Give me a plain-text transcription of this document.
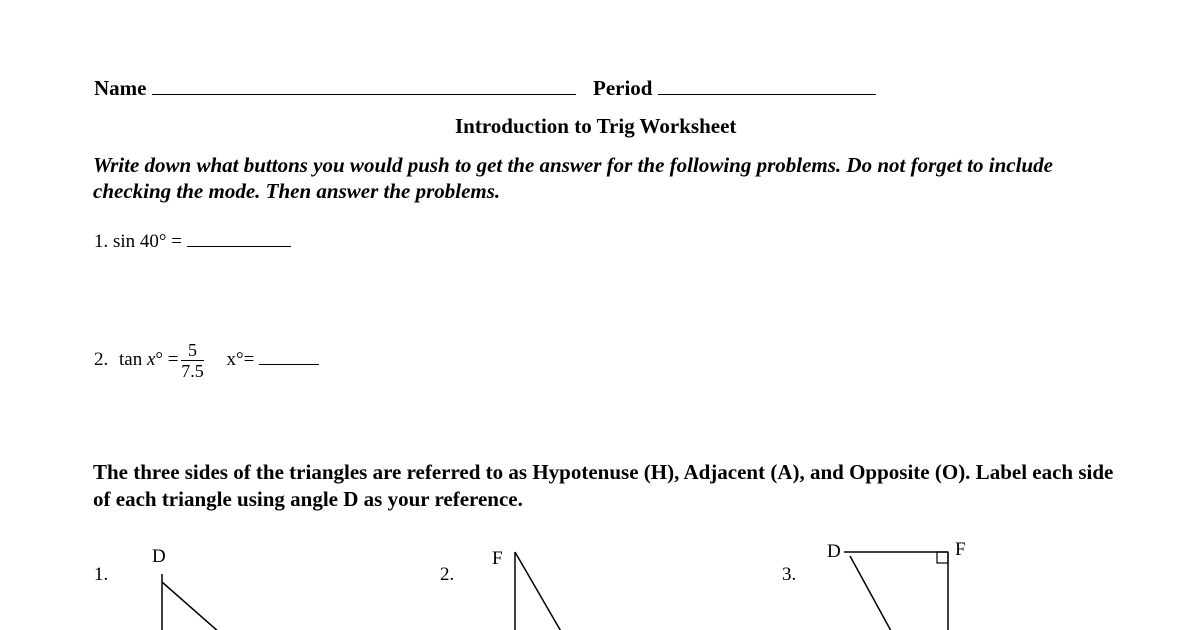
Name	Period
Introduction to Trig Worksheet
Write down what buttons you would push to get the answer for the following problems. Do not forget to include checking the mode. Then answer the problems.
1. sin 40° =
2. $\tan x^\circ = \frac{5}{7.5} x^\circ=$
The three sides of the triangles are referred to as Hypotenuse (H), Adjacent (A), and Opposite (O). Label each side of each triangle using angle D as your reference.
1.
D
2.
F
3.
D	F
